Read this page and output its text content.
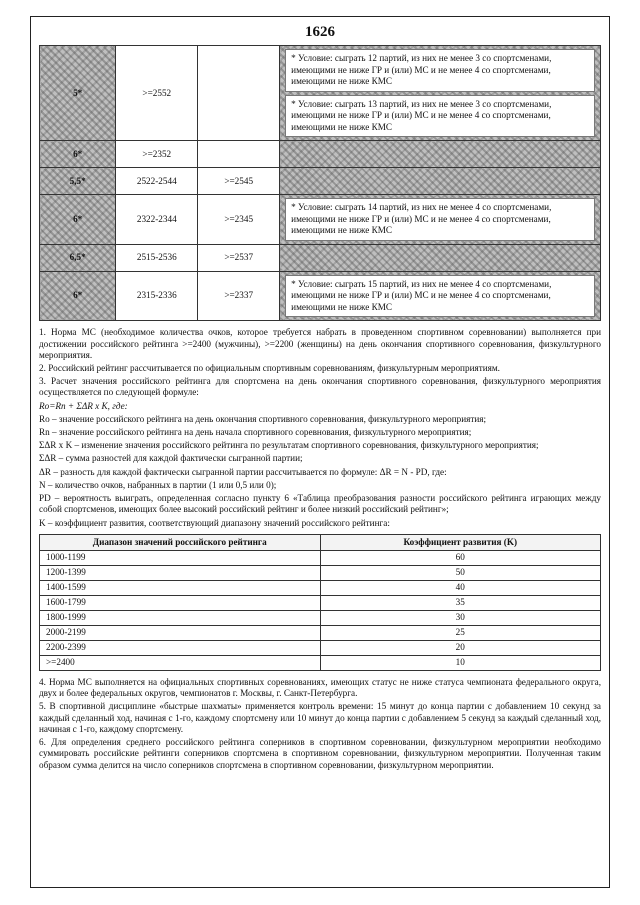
1626
5*	>=2552		* Условие: сыграть 12 партий, из них не менее 3 со спортсменами, имеющими не ниже ГР и (или) МС и не менее 4 со спортсменами, имеющими не ниже КМС
* Условие: сыграть 13 партий, из них не менее 3 со спортсменами, имеющими не ниже ГР и (или) МС и не менее 4 со спортсменами, имеющими не ниже КМС

6*	>=2352		
5,5*	2522-2544	>=2545	
6*	2322-2344	>=2345	* Условие: сыграть 14 партий, из них не менее 4 со спортсменами, имеющими не ниже ГР и (или) МС и не менее 4 со спортсменами, имеющими не ниже КМС

6,5*	2515-2536	>=2537	
6*	2315-2336	>=2337	* Условие: сыграть 15 партий, из них не менее 4 со спортсменами, имеющими не ниже ГР и (или) МС и не менее 4 со спортсменами, имеющими не ниже КМС

1. Норма МС (необходимое количества очков, которое требуется набрать в проведенном спортивном соревновании) выполняется при достижении российского рейтинга >=2400 (мужчины), >=2200 (женщины) на день окончания спортивного соревнования, физкультурного мероприятия.

2. Российский рейтинг рассчитывается по официальным спортивным соревнованиям, физкультурным мероприятиям.

3. Расчет значения российского рейтинга для спортсмена на день окончания спортивного соревнования, физкультурного мероприятия осуществляется по следующей формуле:

Ro=Rn + ΣΔR x K, где:

Ro – значение российского рейтинга на день окончания спортивного соревнования, физкультурного мероприятия;

Rn – значение российского рейтинга на день начала спортивного соревнования, физкультурного мероприятия;

ΣΔR x K – изменение значения российского рейтинга по результатам спортивного соревнования, физкультурного мероприятия;

ΣΔR – сумма разностей для каждой фактически сыгранной партии;

ΔR – разность для каждой фактически сыгранной партии рассчитывается по формуле: ΔR = N - PD, где:

N – количество очков, набранных в партии (1 или 0,5 или 0);

PD – вероятность выиграть, определенная согласно пункту 6 «Таблица преобразования разности российского рейтинга играющих между собой спортсменов, имеющих более высокий российский рейтинг и более низкий российский рейтинг»;

K – коэффициент развития, соответствующий диапазону значений российского рейтинга:

Диапазон значений российского рейтинга	Коэффициент развития (K)
1000-1199	60
1200-1399	50
1400-1599	40
1600-1799	35
1800-1999	30
2000-2199	25
2200-2399	20
>=2400	10

4. Норма МС выполняется на официальных спортивных соревнованиях, имеющих статус не ниже статуса чемпионата федерального округа, двух и более федеральных округов, чемпионатов г. Москвы, г. Санкт-Петербурга.

5. В спортивной дисциплине «быстрые шахматы» применяется контроль времени: 15 минут до конца партии с добавлением 10 секунд за каждый сделанный ход, начиная с 1-го, каждому спортсмену или 10 минут до конца партии с добавлением 5 секунд за каждый сделанный ход, начиная с 1-го, каждому спортсмену.

6. Для определения среднего российского рейтинга соперников в спортивном соревновании, физкультурном мероприятии необходимо суммировать российские рейтинги соперников спортсмена в спортивном соревновании, физкультурном мероприятии. Полученная таким образом сумма делится на число соперников спортсмена в спортивном соревновании, физкультурном мероприятии.
